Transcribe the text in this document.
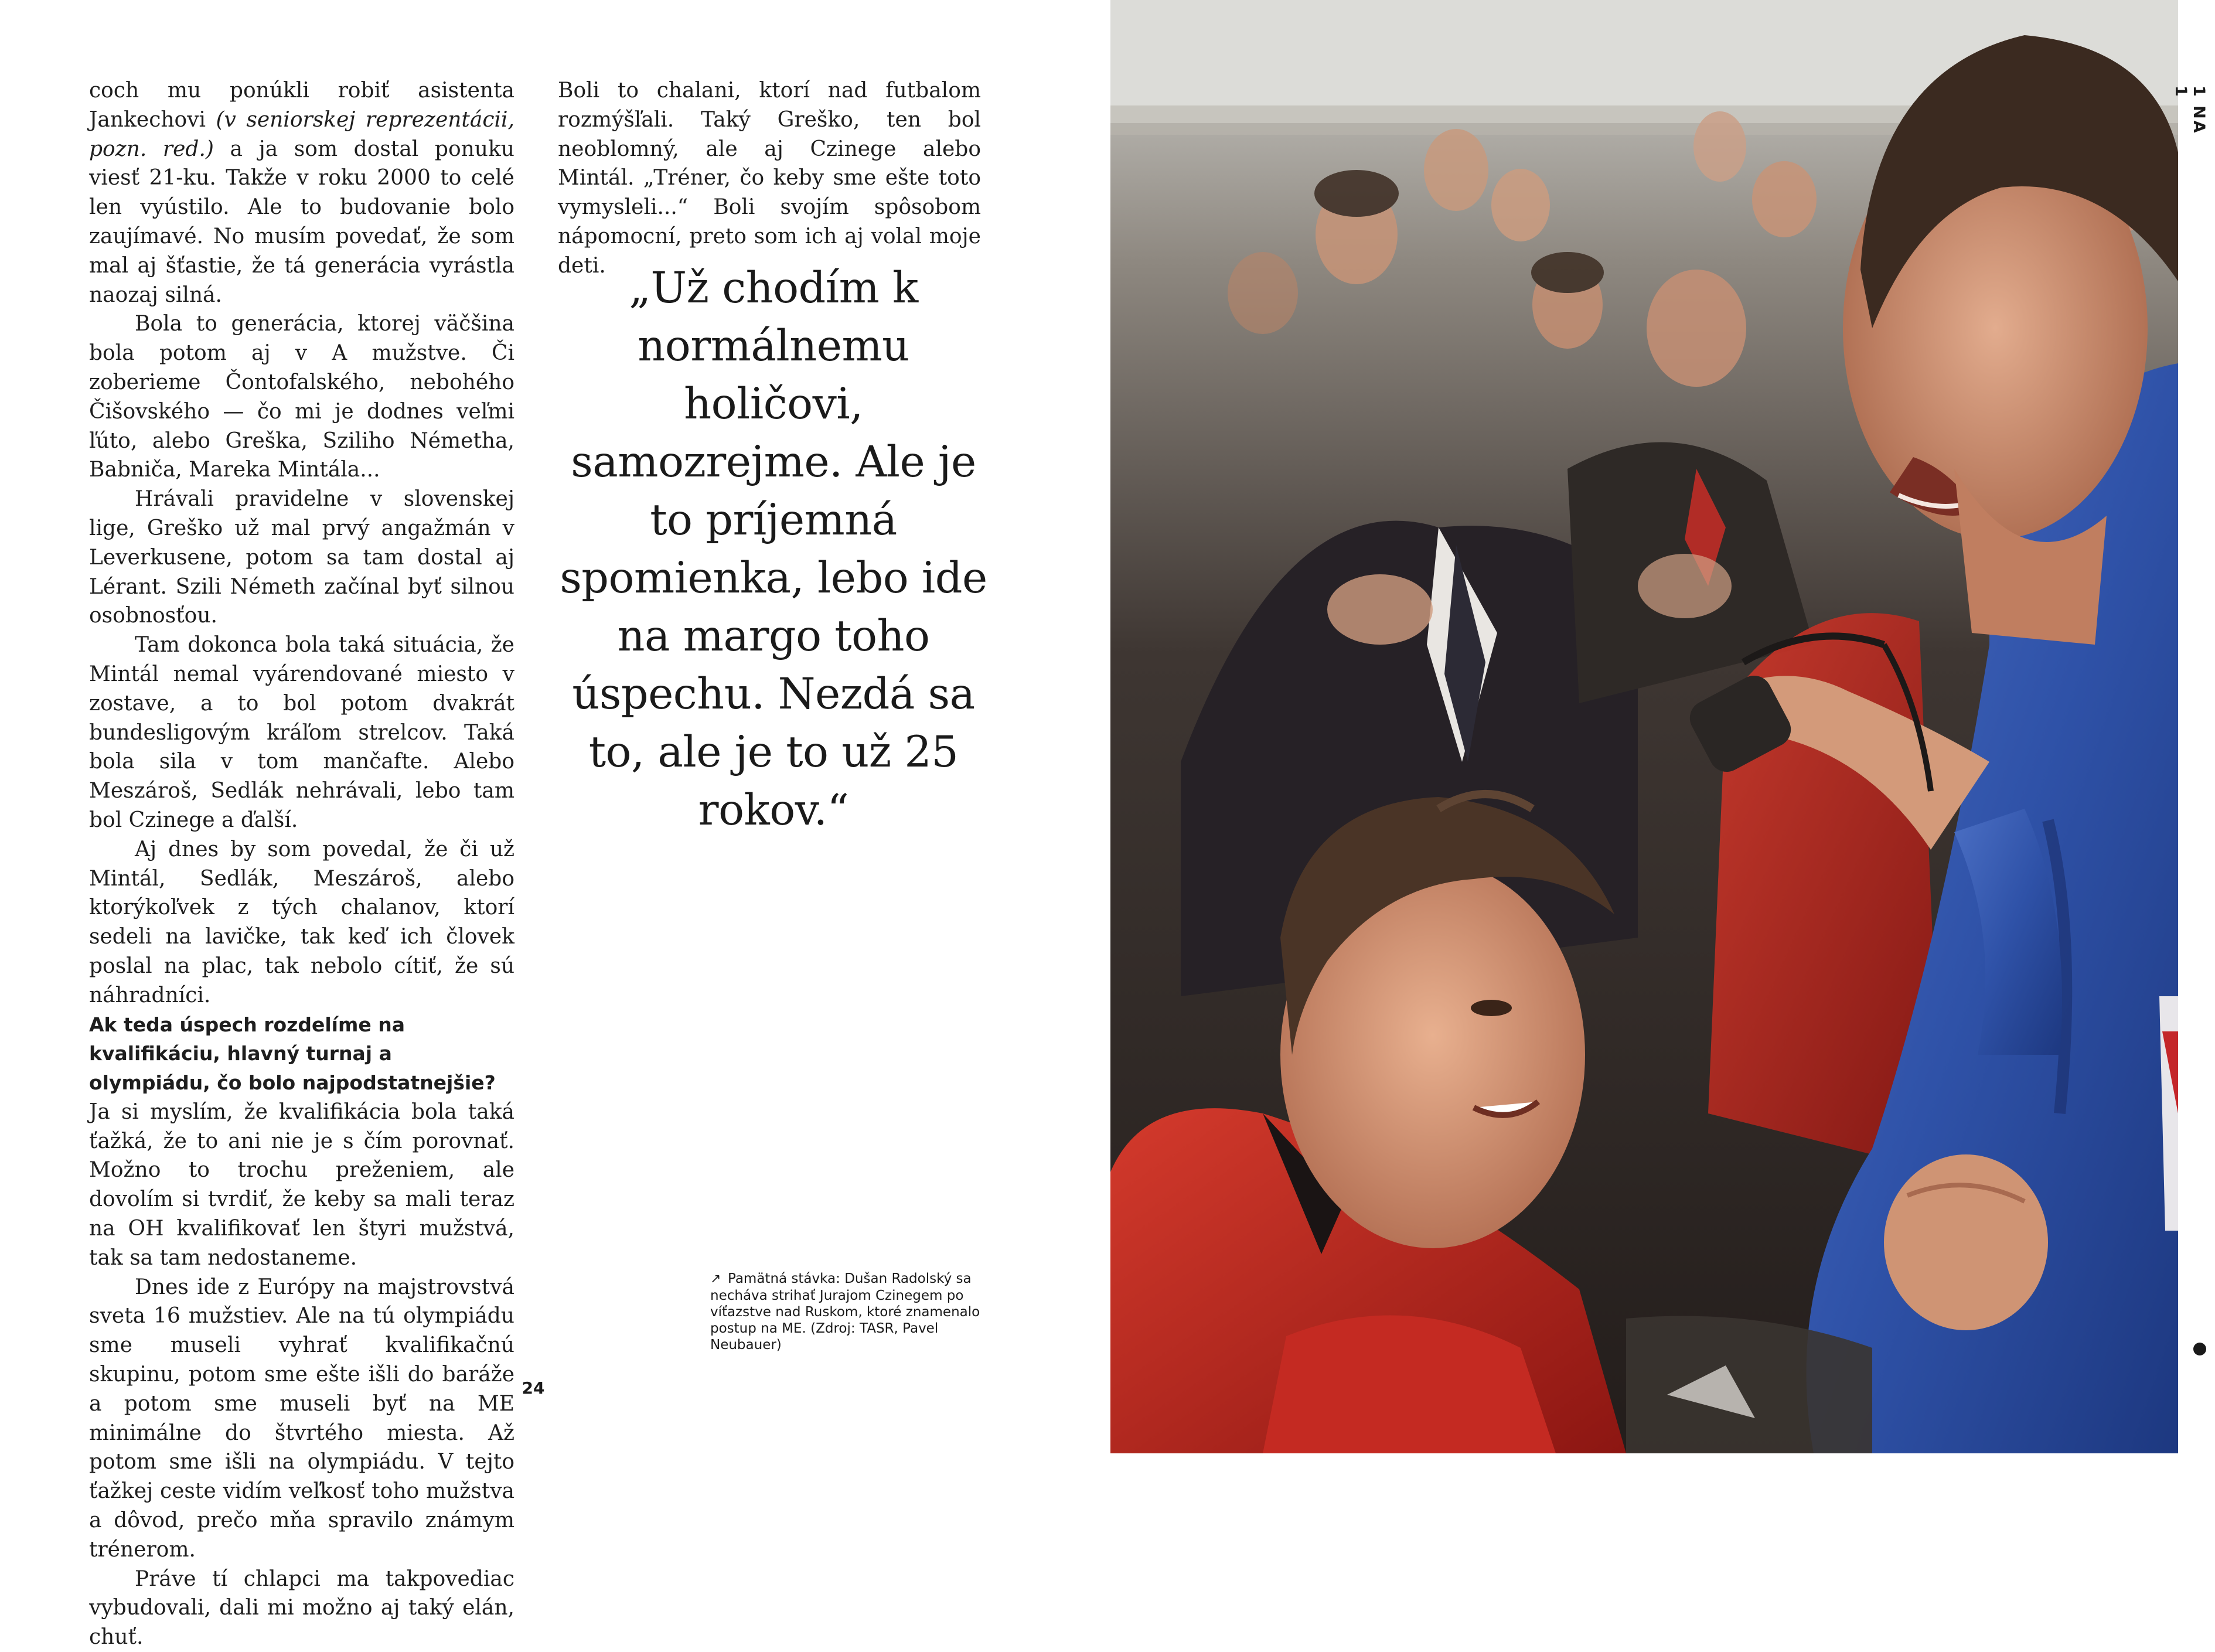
coch mu ponúkli robiť asistenta Jankechovi (v seniorskej reprezentácii, pozn. red.) a ja som dostal ponuku viesť 21-ku. Takže v roku 2000 to celé len vyústilo. Ale to budovanie bolo zaujímavé. No musím povedať, že som mal aj šťastie, že tá generácia vyrástla naozaj silná.

Bola to generácia, ktorej väčšina bola potom aj v A mužstve. Či zoberieme Čontofalského, nebohého Čišovského — čo mi je dodnes veľmi ľúto, alebo Greška, Sziliho Németha, Babniča, Mareka Mintála...

Hrávali pravidelne v slovenskej lige, Greško už mal prvý angažmán v Leverkusene, potom sa tam dostal aj Lérant. Szili Németh začínal byť silnou osobnosťou.

Tam dokonca bola taká situácia, že Mintál nemal vyárendované miesto v zostave, a to bol potom dvakrát bundesligovým kráľom strelcov. Taká bola sila v tom mančafte. Alebo Meszároš, Sedlák nehrávali, lebo tam bol Czinege a ďalší.

Aj dnes by som povedal, že či už Mintál, Sedlák, Meszároš, alebo ktorýkoľvek z tých chalanov, ktorí sedeli na lavičke, tak keď ich človek poslal na plac, tak nebolo cítiť, že sú náhradníci.

Ak teda úspech rozdelíme na kvalifikáciu, hlavný turnaj a olympiádu, čo bolo najpodstatnejšie?

Ja si myslím, že kvalifikácia bola taká ťažká, že to ani nie je s čím porovnať. Možno to trochu preženiem, ale dovolím si tvrdiť, že keby sa mali teraz na OH kvalifikovať len štyri mužstvá, tak sa tam nedostaneme.

Dnes ide z Európy na majstrovstvá sveta 16 mužstiev. Ale na tú olympiádu sme museli vyhrať kvalifikačnú skupinu, potom sme ešte išli do baráže a potom sme museli byť na ME minimálne do štvrtého miesta. Až potom sme išli na olympiádu. V tejto ťažkej ceste vidím veľkosť toho mužstva a dôvod, prečo mňa spravilo známym trénerom.

Práve tí chlapci ma takpovediac vybudovali, dali mi možno aj taký elán, chuť.

Boli to chalani, ktorí nad futbalom rozmýšľali. Taký Greško, ten bol neoblomný, ale aj Czinege alebo Mintál. „Tréner, čo keby sme ešte toto vymysleli...“ Boli svojím spôsobom nápomocní, preto som ich aj volal moje deti. „Už chodím k normálnemu holičovi, samozrejme. Ale je to príjemná spomienka, lebo ide na margo toho úspechu. Nezdá sa to, ale je to už 25 rokov.“
↗ Pamätná stávka: Dušan Radolský sa necháva strihať Jurajom Czinegem po víťazstve nad Ruskom, ktoré znamenalo postup na ME. (Zdroj: TASR, Pavel Neubauer)
24
1 NA 1
